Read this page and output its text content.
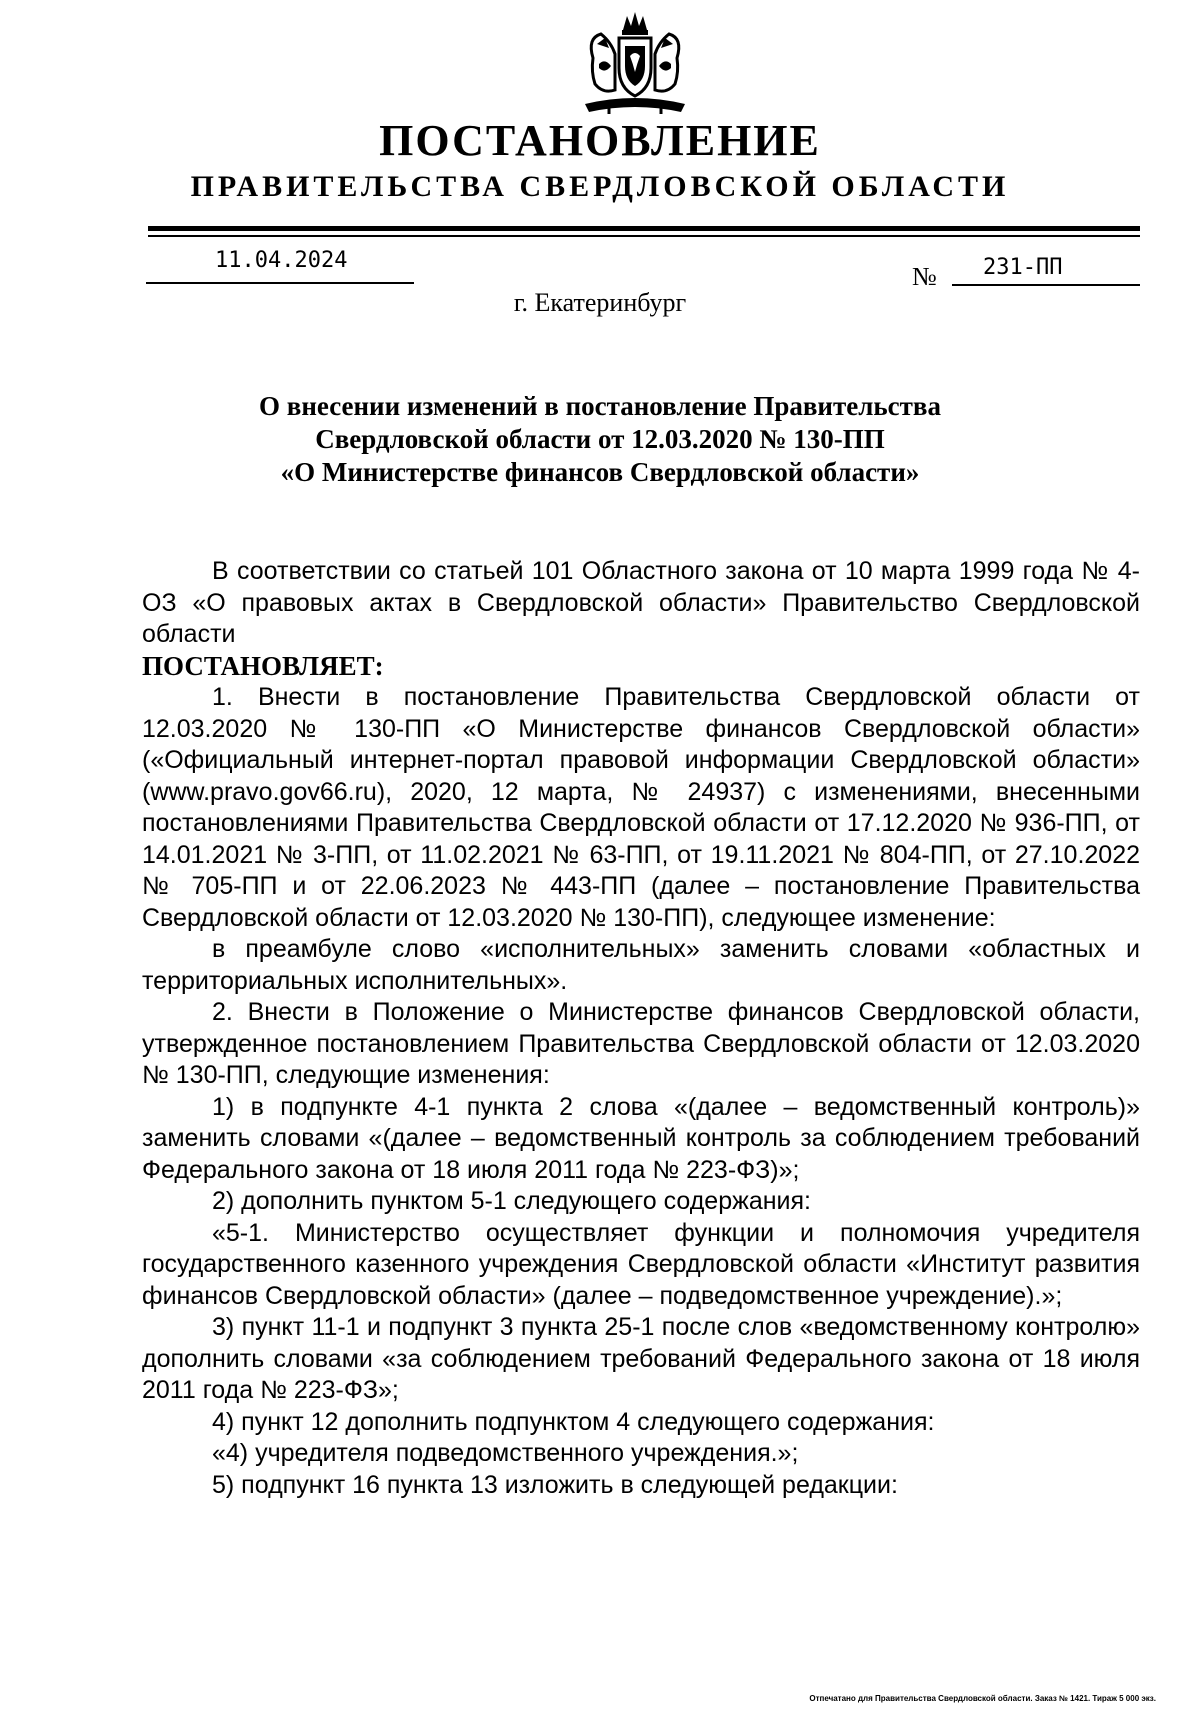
ПОСТАНОВЛЕНИЕ
ПРАВИТЕЛЬСТВА СВЕРДЛОВСКОЙ ОБЛАСТИ
11.04.2024
№ 231-ПП
г. Екатеринбург
О внесении изменений в постановление Правительства
Свердловской области от 12.03.2020 № 130-ПП
«О Министерстве финансов Свердловской области»

В соответствии со статьей 101 Областного закона от 10 марта 1999 года № 4-ОЗ «О правовых актах в Свердловской области» Правительство Свердловской области

ПОСТАНОВЛЯЕТ:

1. Внести в постановление Правительства Свердловской области от 12.03.2020 № 130-ПП «О Министерстве финансов Свердловской области» («Официальный интернет-портал правовой информации Свердловской области» (www.pravo.gov66.ru), 2020, 12 марта, № 24937) с изменениями, внесенными постановлениями Правительства Свердловской области от 17.12.2020 № 936-ПП, от 14.01.2021 № 3-ПП, от 11.02.2021 № 63-ПП, от 19.11.2021 № 804-ПП, от 27.10.2022 № 705-ПП и от 22.06.2023 № 443-ПП (далее – постановление Правительства Свердловской области от 12.03.2020 № 130-ПП), следующее изменение:

в преамбуле слово «исполнительных» заменить словами «областных и территориальных исполнительных».

2. Внести в Положение о Министерстве финансов Свердловской области, утвержденное постановлением Правительства Свердловской области от 12.03.2020 № 130-ПП, следующие изменения:

1) в подпункте 4-1 пункта 2 слова «(далее – ведомственный контроль)» заменить словами «(далее – ведомственный контроль за соблюдением требований Федерального закона от 18 июля 2011 года № 223-ФЗ)»;

2) дополнить пунктом 5-1 следующего содержания:

«5-1. Министерство осуществляет функции и полномочия учредителя государственного казенного учреждения Свердловской области «Институт развития финансов Свердловской области» (далее – подведомственное учреждение).»;

3) пункт 11-1 и подпункт 3 пункта 25-1 после слов «ведомственному контролю» дополнить словами «за соблюдением требований Федерального закона от 18 июля 2011 года № 223-ФЗ»;

4) пункт 12 дополнить подпунктом 4 следующего содержания:

«4) учредителя подведомственного учреждения.»;

5) подпункт 16 пункта 13 изложить в следующей редакции:

Отпечатано для Правительства Свердловской области. Заказ № 1421. Тираж 5 000 экз.
